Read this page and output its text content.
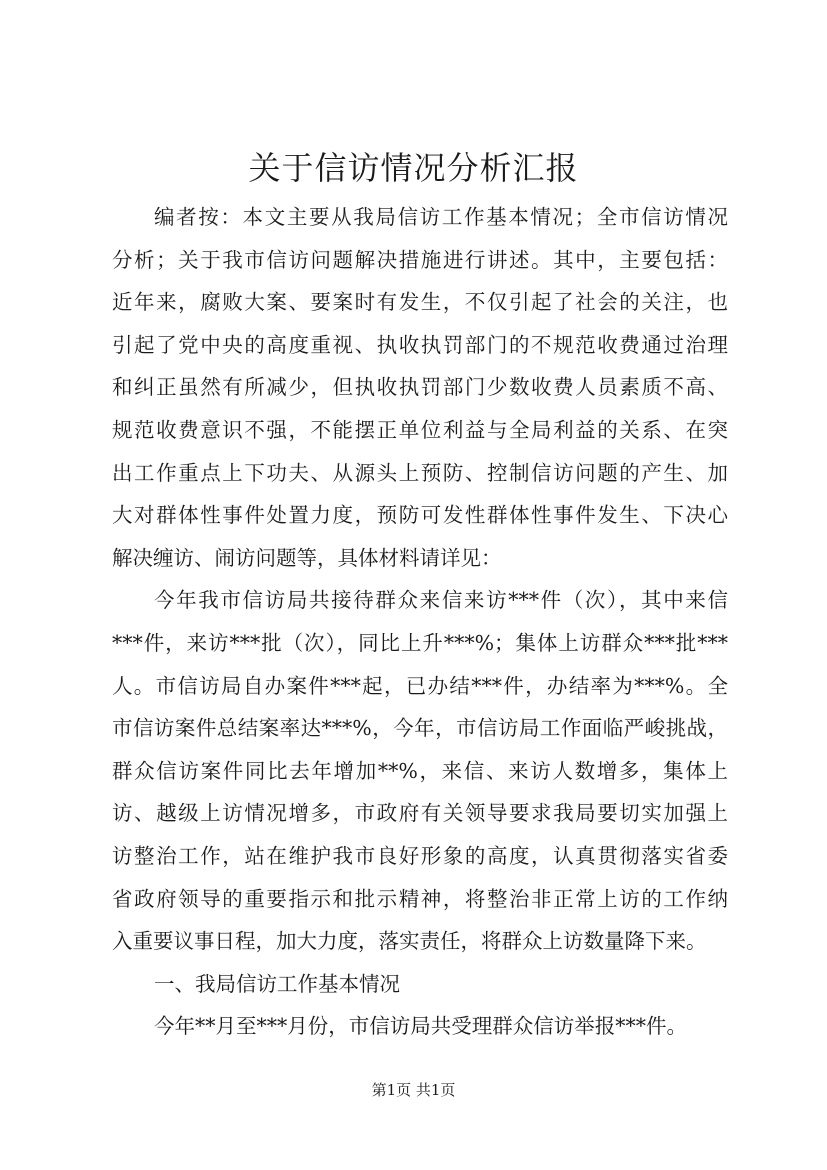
关于信访情况分析汇报
编者按：本文主要从我局信访工作基本情况；全市信访情况
分析；关于我市信访问题解决措施进行讲述。其中，主要包括：
近年来，腐败大案、要案时有发生，不仅引起了社会的关注，也
引起了党中央的高度重视、执收执罚部门的不规范收费通过治理
和纠正虽然有所减少，但执收执罚部门少数收费人员素质不高、
规范收费意识不强，不能摆正单位利益与全局利益的关系、在突
出工作重点上下功夫、从源头上预防、控制信访问题的产生、加
大对群体性事件处置力度，预防可发性群体性事件发生、下决心
解决缠访、闹访问题等，具体材料请详见：
今年我市信访局共接待群众来信来访***件（次），其中来信
***件，来访***批（次），同比上升***%；集体上访群众***批***
人。市信访局自办案件***起，已办结***件，办结率为***%。全
市信访案件总结案率达***%，今年，市信访局工作面临严峻挑战，
群众信访案件同比去年增加**%，来信、来访人数增多，集体上
访、越级上访情况增多，市政府有关领导要求我局要切实加强上
访整治工作，站在维护我市良好形象的高度，认真贯彻落实省委
省政府领导的重要指示和批示精神，将整治非正常上访的工作纳
入重要议事日程，加大力度，落实责任，将群众上访数量降下来。
一、我局信访工作基本情况
今年**月至***月份，市信访局共受理群众信访举报***件。
第1页 共1页
